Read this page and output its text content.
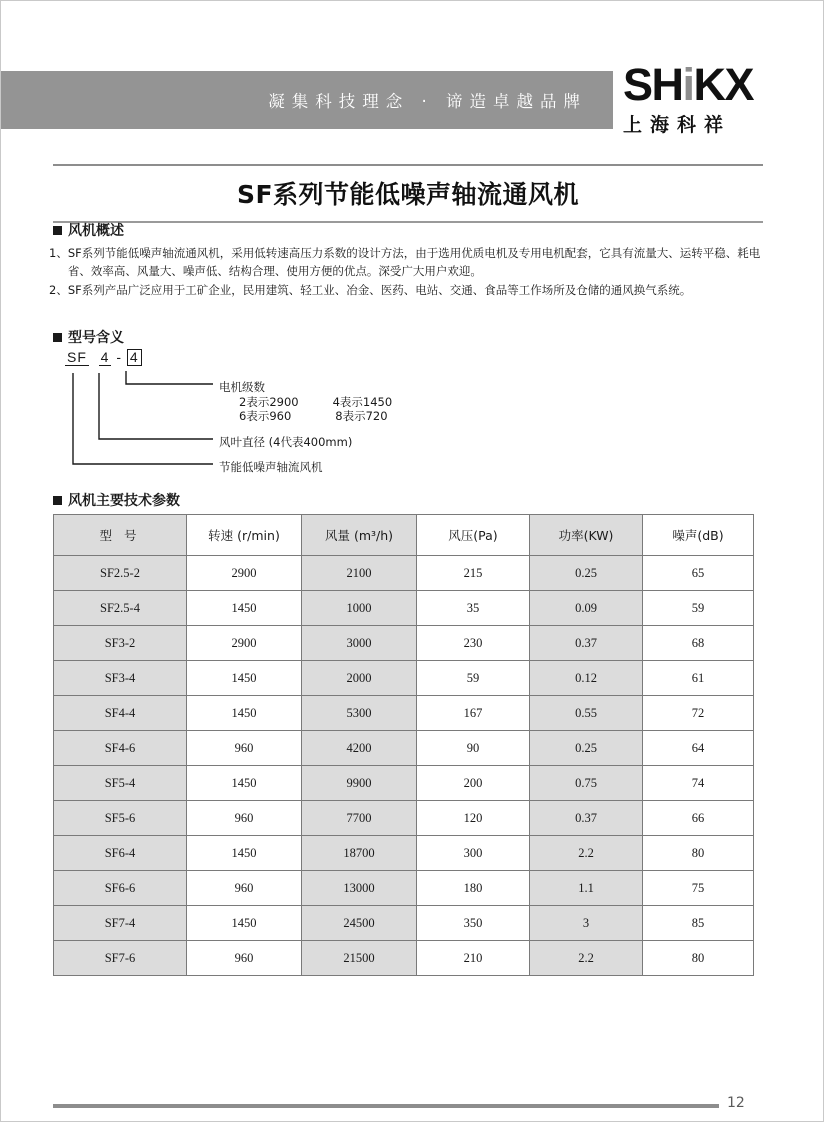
凝集科技理念 · 谛造卓越品牌 SHiKX
上海科祥
SF系列节能低噪声轴流通风机
风机概述
1、 SF系列节能低噪声轴流通风机，采用低转速高压力系数的设计方法，由于选用优质电机及专用电机配套，它具有流量大、运转平稳、耗电省、效率高、风量大、噪声低、结构合理、使用方便的优点。深受广大用户欢迎。
2、 SF系列产品广泛应用于工矿企业，民用建筑、轻工业、冶金、医药、电站、交通、食品等工作场所及仓储的通风换气系统。
型号含义
SF 4 - 4
电机级数
2表示2900	4表示1450
6表示960	8表示720
风叶直径 (4代表400mm)
节能低噪声轴流风机
风机主要技术参数
型 号	转速 (r/min)	风量 (m³/h)	风压(Pa)	功率(KW)	噪声(dB)
SF2.5-2	2900	2100	215	0.25	65
SF2.5-4	1450	1000	35	0.09	59
SF3-2	2900	3000	230	0.37	68
SF3-4	1450	2000	59	0.12	61
SF4-4	1450	5300	167	0.55	72
SF4-6	960	4200	90	0.25	64
SF5-4	1450	9900	200	0.75	74
SF5-6	960	7700	120	0.37	66
SF6-4	1450	18700	300	2.2	80
SF6-6	960	13000	180	1.1	75
SF7-4	1450	24500	350	3	85
SF7-6	960	21500	210	2.2	80
12
